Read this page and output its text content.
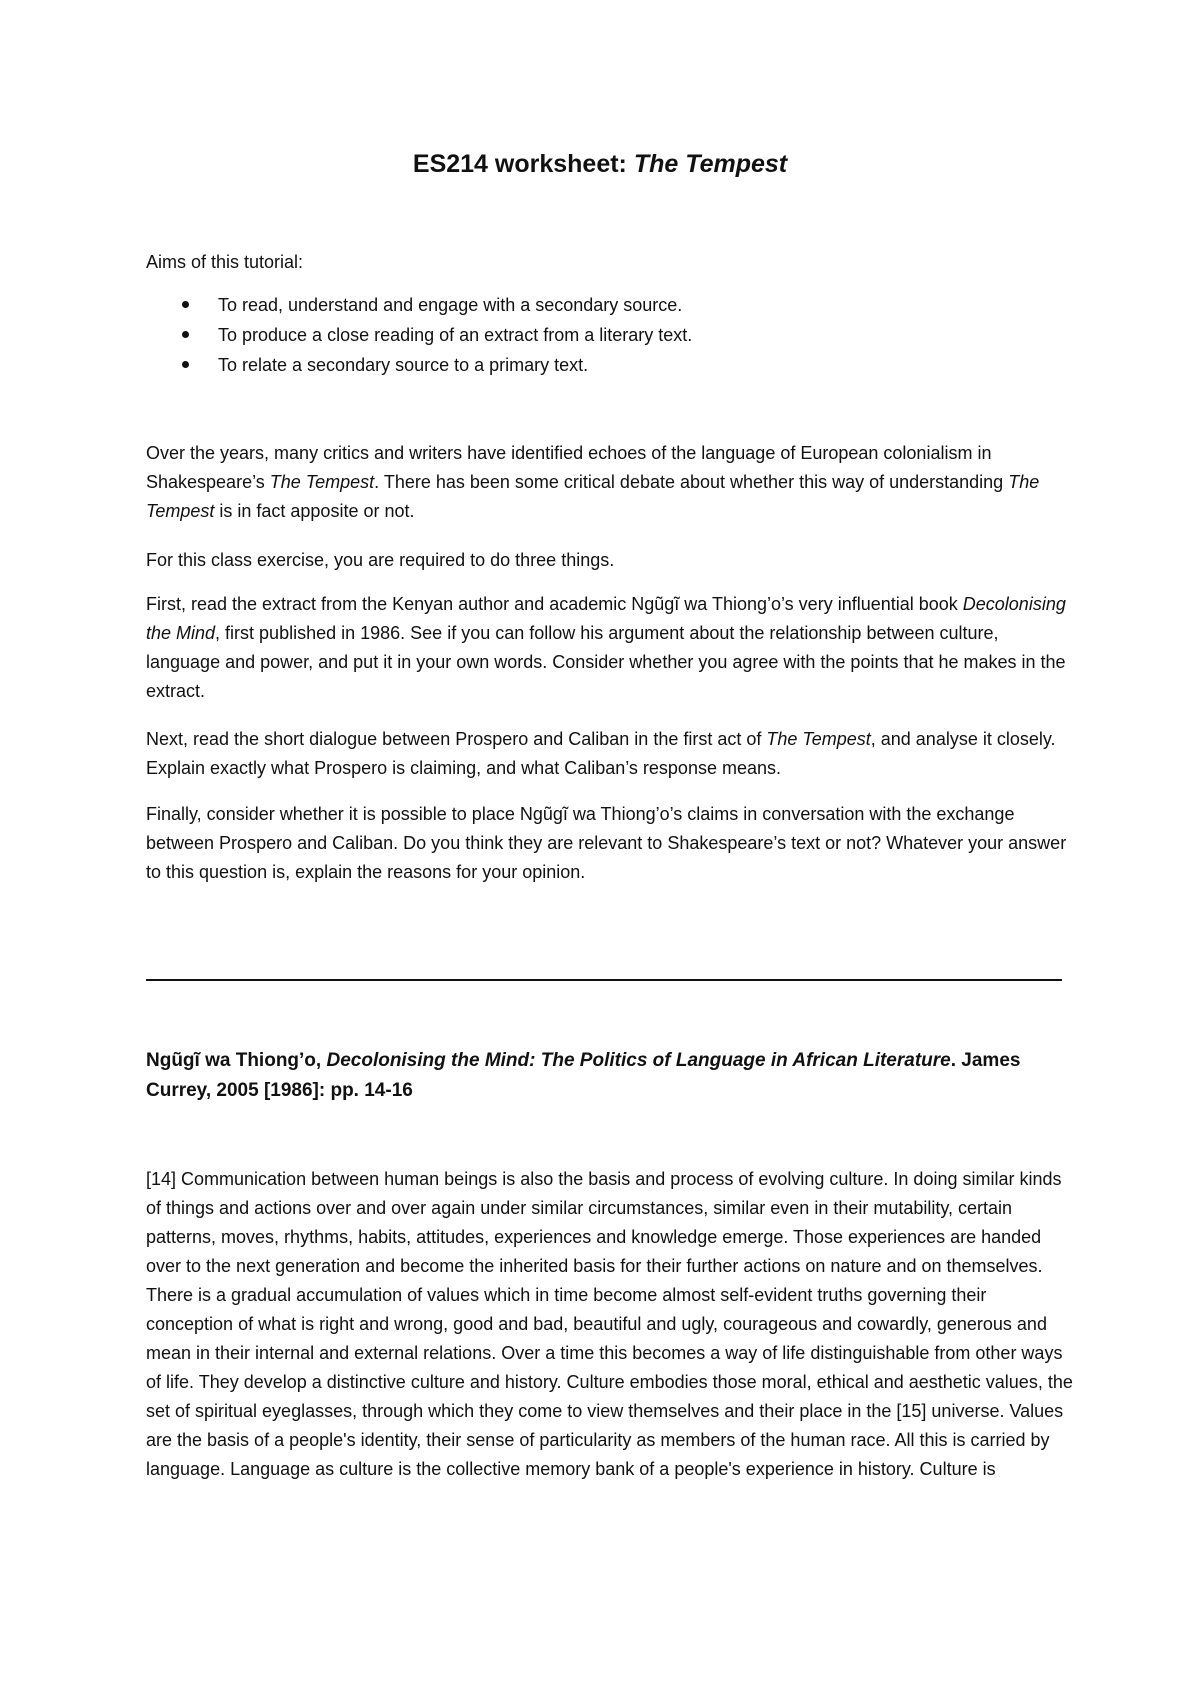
ES214 worksheet: The Tempest
Aims of this tutorial:
To read, understand and engage with a secondary source.
To produce a close reading of an extract from a literary text.
To relate a secondary source to a primary text.
Over the years, many critics and writers have identified echoes of the language of European colonialism in Shakespeare’s The Tempest. There has been some critical debate about whether this way of understanding The Tempest is in fact apposite or not.
For this class exercise, you are required to do three things.
First, read the extract from the Kenyan author and academic Ngũgĩ wa Thiong’o’s very influential book Decolonising the Mind, first published in 1986. See if you can follow his argument about the relationship between culture, language and power, and put it in your own words. Consider whether you agree with the points that he makes in the extract.
Next, read the short dialogue between Prospero and Caliban in the first act of The Tempest, and analyse it closely. Explain exactly what Prospero is claiming, and what Caliban’s response means.
Finally, consider whether it is possible to place Ngũgĩ wa Thiong’o’s claims in conversation with the exchange between Prospero and Caliban. Do you think they are relevant to Shakespeare’s text or not? Whatever your answer to this question is, explain the reasons for your opinion.
Ngũgĩ wa Thiong’o, Decolonising the Mind: The Politics of Language in African Literature. James Currey, 2005 [1986]: pp. 14-16
[14] Communication between human beings is also the basis and process of evolving culture. In doing similar kinds of things and actions over and over again under similar circumstances, similar even in their mutability, certain patterns, moves, rhythms, habits, attitudes, experiences and knowledge emerge. Those experiences are handed over to the next generation and become the inherited basis for their further actions on nature and on themselves. There is a gradual accumulation of values which in time become almost self-evident truths governing their conception of what is right and wrong, good and bad, beautiful and ugly, courageous and cowardly, generous and mean in their internal and external relations. Over a time this becomes a way of life distinguishable from other ways of life. They develop a distinctive culture and history. Culture embodies those moral, ethical and aesthetic values, the set of spiritual eyeglasses, through which they come to view themselves and their place in the [15] universe. Values are the basis of a people's identity, their sense of particularity as members of the human race. All this is carried by language. Language as culture is the collective memory bank of a people's experience in history. Culture is
